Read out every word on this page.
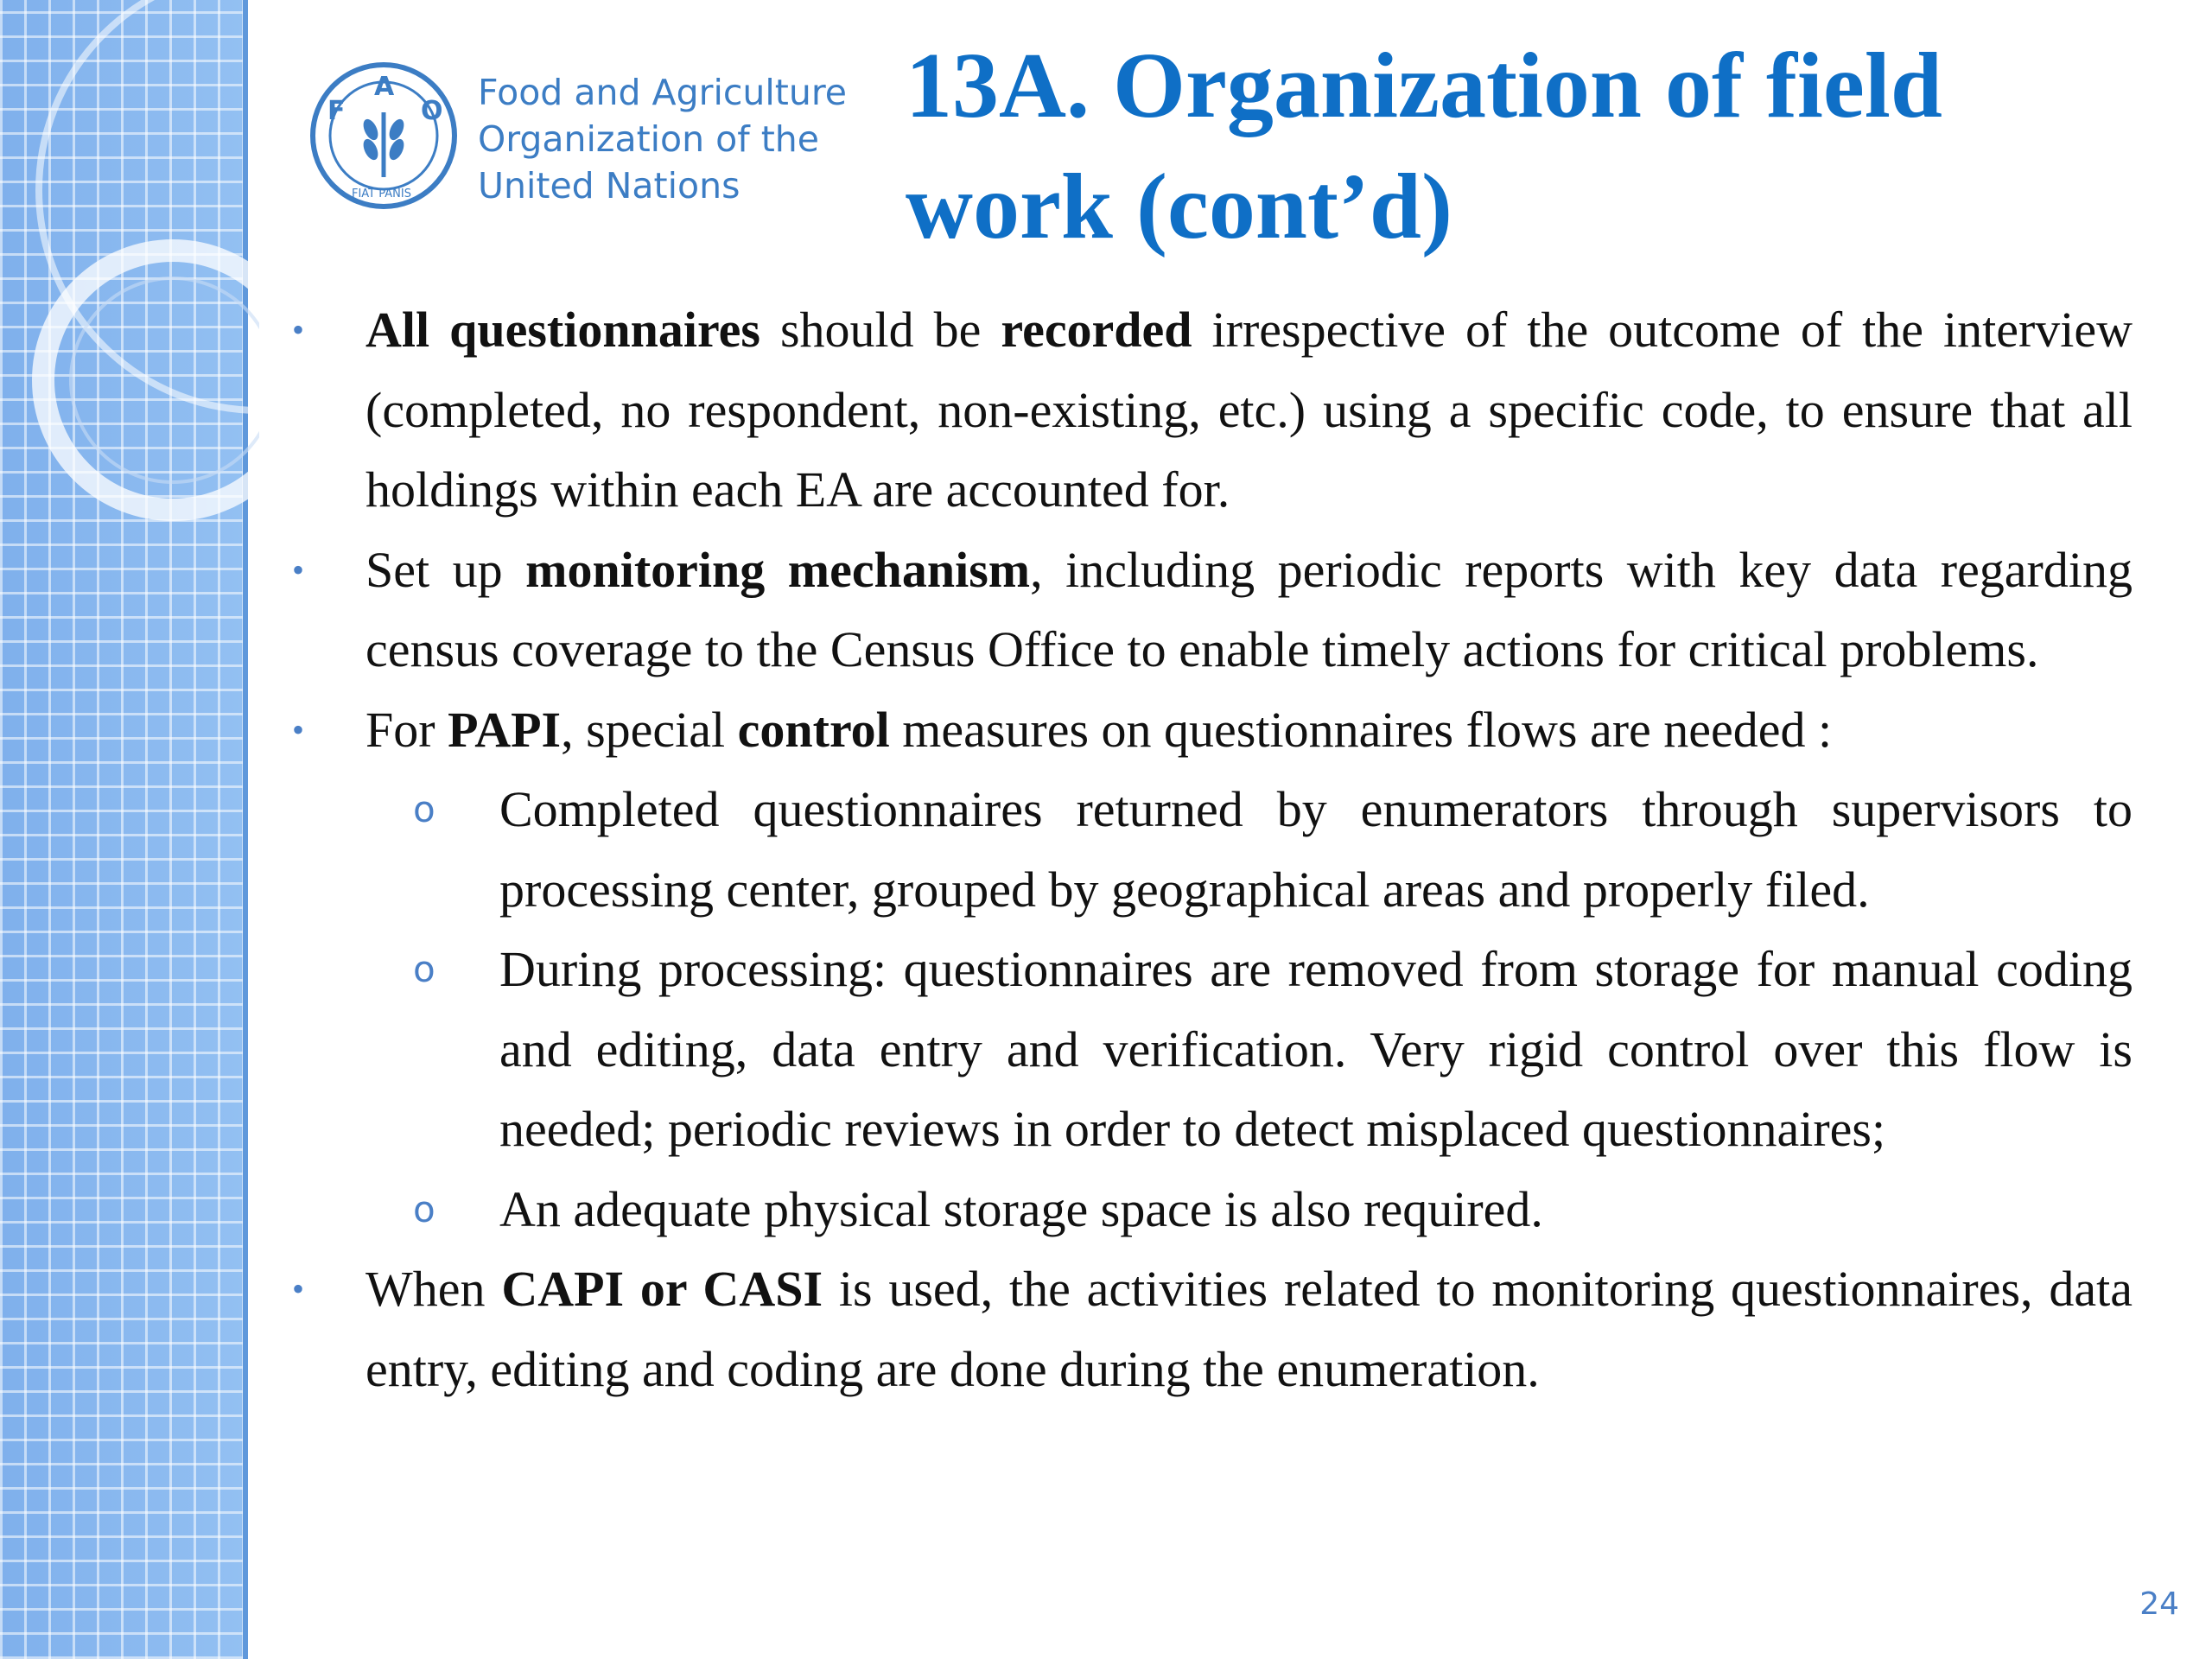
F
A
O
FIAT PANIS
Food and Agriculture
Organization of the
United Nations
13A. Organization of field
work (cont’d)
• All questionnaires should be recorded irrespective of the outcome of the interview (completed, no respondent, non-existing, etc.) using a specific code, to ensure that all holdings within each EA are accounted for.
• Set up monitoring mechanism, including periodic reports with key data regarding census coverage to the Census Office to enable timely actions for critical problems.
• For PAPI, special control measures on questionnaires flows are needed :
o Completed questionnaires returned by enumerators through supervisors to processing center, grouped by geographical areas and properly filed.
o During processing: questionnaires are removed from storage for manual coding and editing, data entry and verification. Very rigid control over this flow is needed; periodic reviews in order to detect misplaced questionnaires;
o An adequate physical storage space is also required.
• When CAPI or CASI is used, the activities related to monitoring questionnaires, data entry, editing and coding are done during the enumeration.
24
